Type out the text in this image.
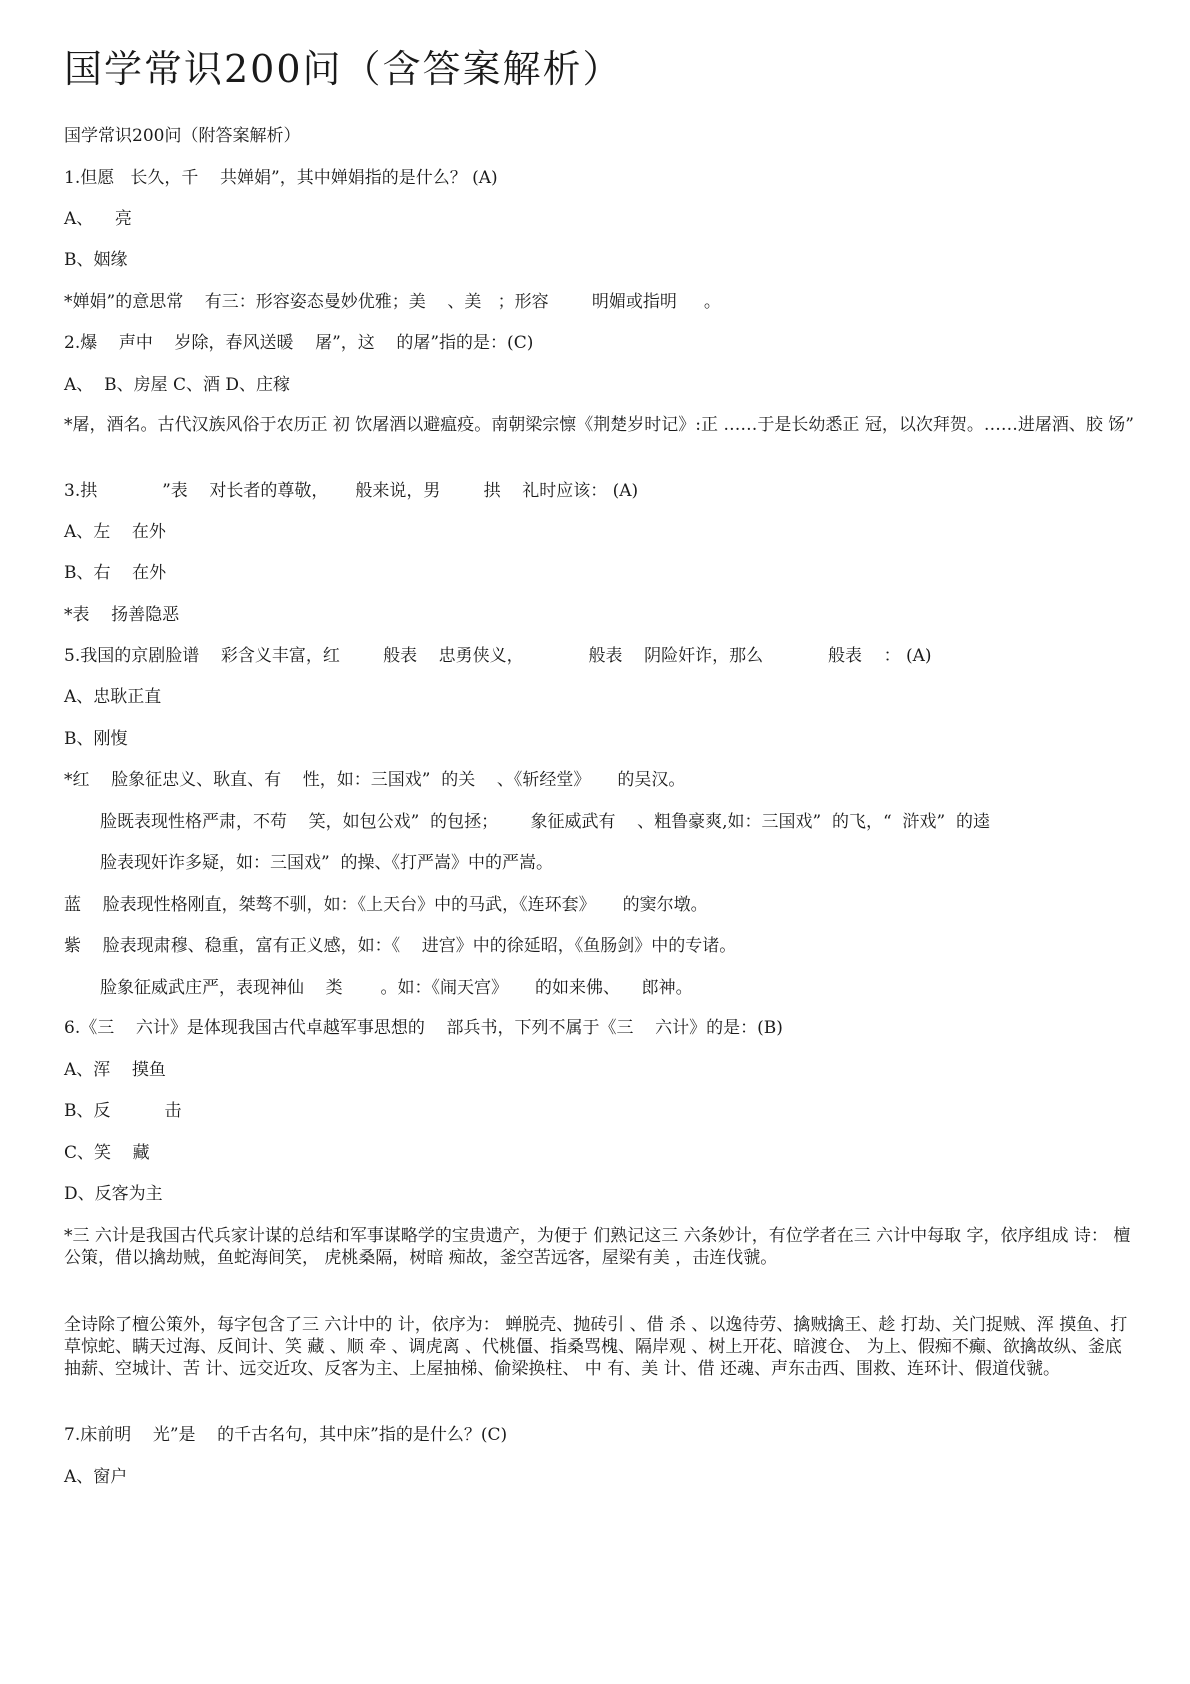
国学常识200问（含答案解析）
国学常识200问（附答案解析）
1.但愿   长久，千    共婵娟”，其中婵娟指的是什么？ (A)
A、    亮
B、姻缘
*婵娟”的意思常    有三：形容姿态曼妙优雅；美    、美   ；形容        明媚或指明     。
2.爆    声中    岁除，春风送暖    屠”，这    的屠”指的是：(C)
A、  B、房屋 C、酒 D、庄稼
*屠，酒名。古代汉族风俗于农历正 初 饮屠酒以避瘟疫。南朝梁宗懔《荆楚岁时记》:正 ……于是长幼悉正 冠，以次拜贺。……进屠酒、胶 饧”
3.拱            ”表    对长者的尊敬，     般来说，男        拱    礼时应该： (A)
A、左    在外
B、右    在外
*表    扬善隐恶
5.我国的京剧脸谱    彩含义丰富，红        般表    忠勇侠义，            般表    阴险奸诈，那么            般表    ： (A)
A、忠耿正直
B、刚愎
*红    脸象征忠义、耿直、有    性，如：三国戏”  的关    、《斩经堂》     的吴汉。
脸既表现性格严肃，不苟    笑，如包公戏”  的包拯；      象征威武有    、粗鲁豪爽,如：三国戏”  的飞，“  浒戏”  的逵
脸表现奸诈多疑，如：三国戏”  的操、《打严嵩》中的严嵩。
蓝    脸表现性格刚直，桀骜不驯，如：《上天台》中的马武，《连环套》     的窦尔墩。
紫    脸表现肃穆、稳重，富有正义感，如：《    进宫》中的徐延昭，《鱼肠剑》中的专诸。
脸象征威武庄严，表现神仙    类       。如：《闹天宫》     的如来佛、    郎神。
6.《三    六计》是体现我国古代卓越军事思想的    部兵书，下列不属于《三    六计》的是：(B)
A、浑    摸鱼
B、反          击
C、笑    藏
D、反客为主
*三 六计是我国古代兵家计谋的总结和军事谋略学的宝贵遗产，为便于 们熟记这三 六条妙计，有位学者在三 六计中每取 字，依序组成 诗： 檀公策，借以擒劫贼，鱼蛇海间笑， 虎桃桑隔，树暗 痴故，釜空苦远客，屋梁有美 ，击连伐虢。
全诗除了檀公策外，每字包含了三 六计中的 计，依序为： 蝉脱壳、抛砖引 、借 杀 、以逸待劳、擒贼擒王、趁 打劫、关门捉贼、浑 摸鱼、打草惊蛇、瞒天过海、反间计、笑 藏 、顺 牵 、调虎离 、代桃僵、指桑骂槐、隔岸观 、树上开花、暗渡仓、 为上、假痴不癫、欲擒故纵、釜底抽薪、空城计、苦 计、远交近攻、反客为主、上屋抽梯、偷梁换柱、 中 有、美 计、借 还魂、声东击西、围救、连环计、假道伐虢。
7.床前明    光”是    的千古名句，其中床”指的是什么？(C)
A、窗户
